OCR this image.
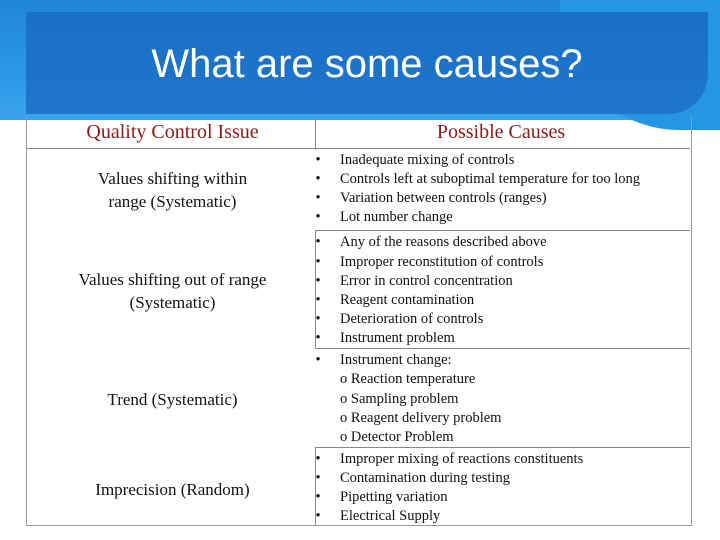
What are some causes?
Quality Control Issue	Possible Causes
Values shifting within
range (Systematic)
Values shifting out of range
(Systematic)
Trend (Systematic)
Imprecision (Random)
• Inadequate mixing of controls
• Controls left at suboptimal temperature for too long
• Variation between controls (ranges)
• Lot number change
• Any of the reasons described above
• Improper reconstitution of controls
• Error in control concentration
• Reagent contamination
• Deterioration of controls
• Instrument problem
• Instrument change:
o Reaction temperature
o Sampling problem
o Reagent delivery problem
o Detector Problem
• Improper mixing of reactions constituents
• Contamination during testing
• Pipetting variation
• Electrical Supply
